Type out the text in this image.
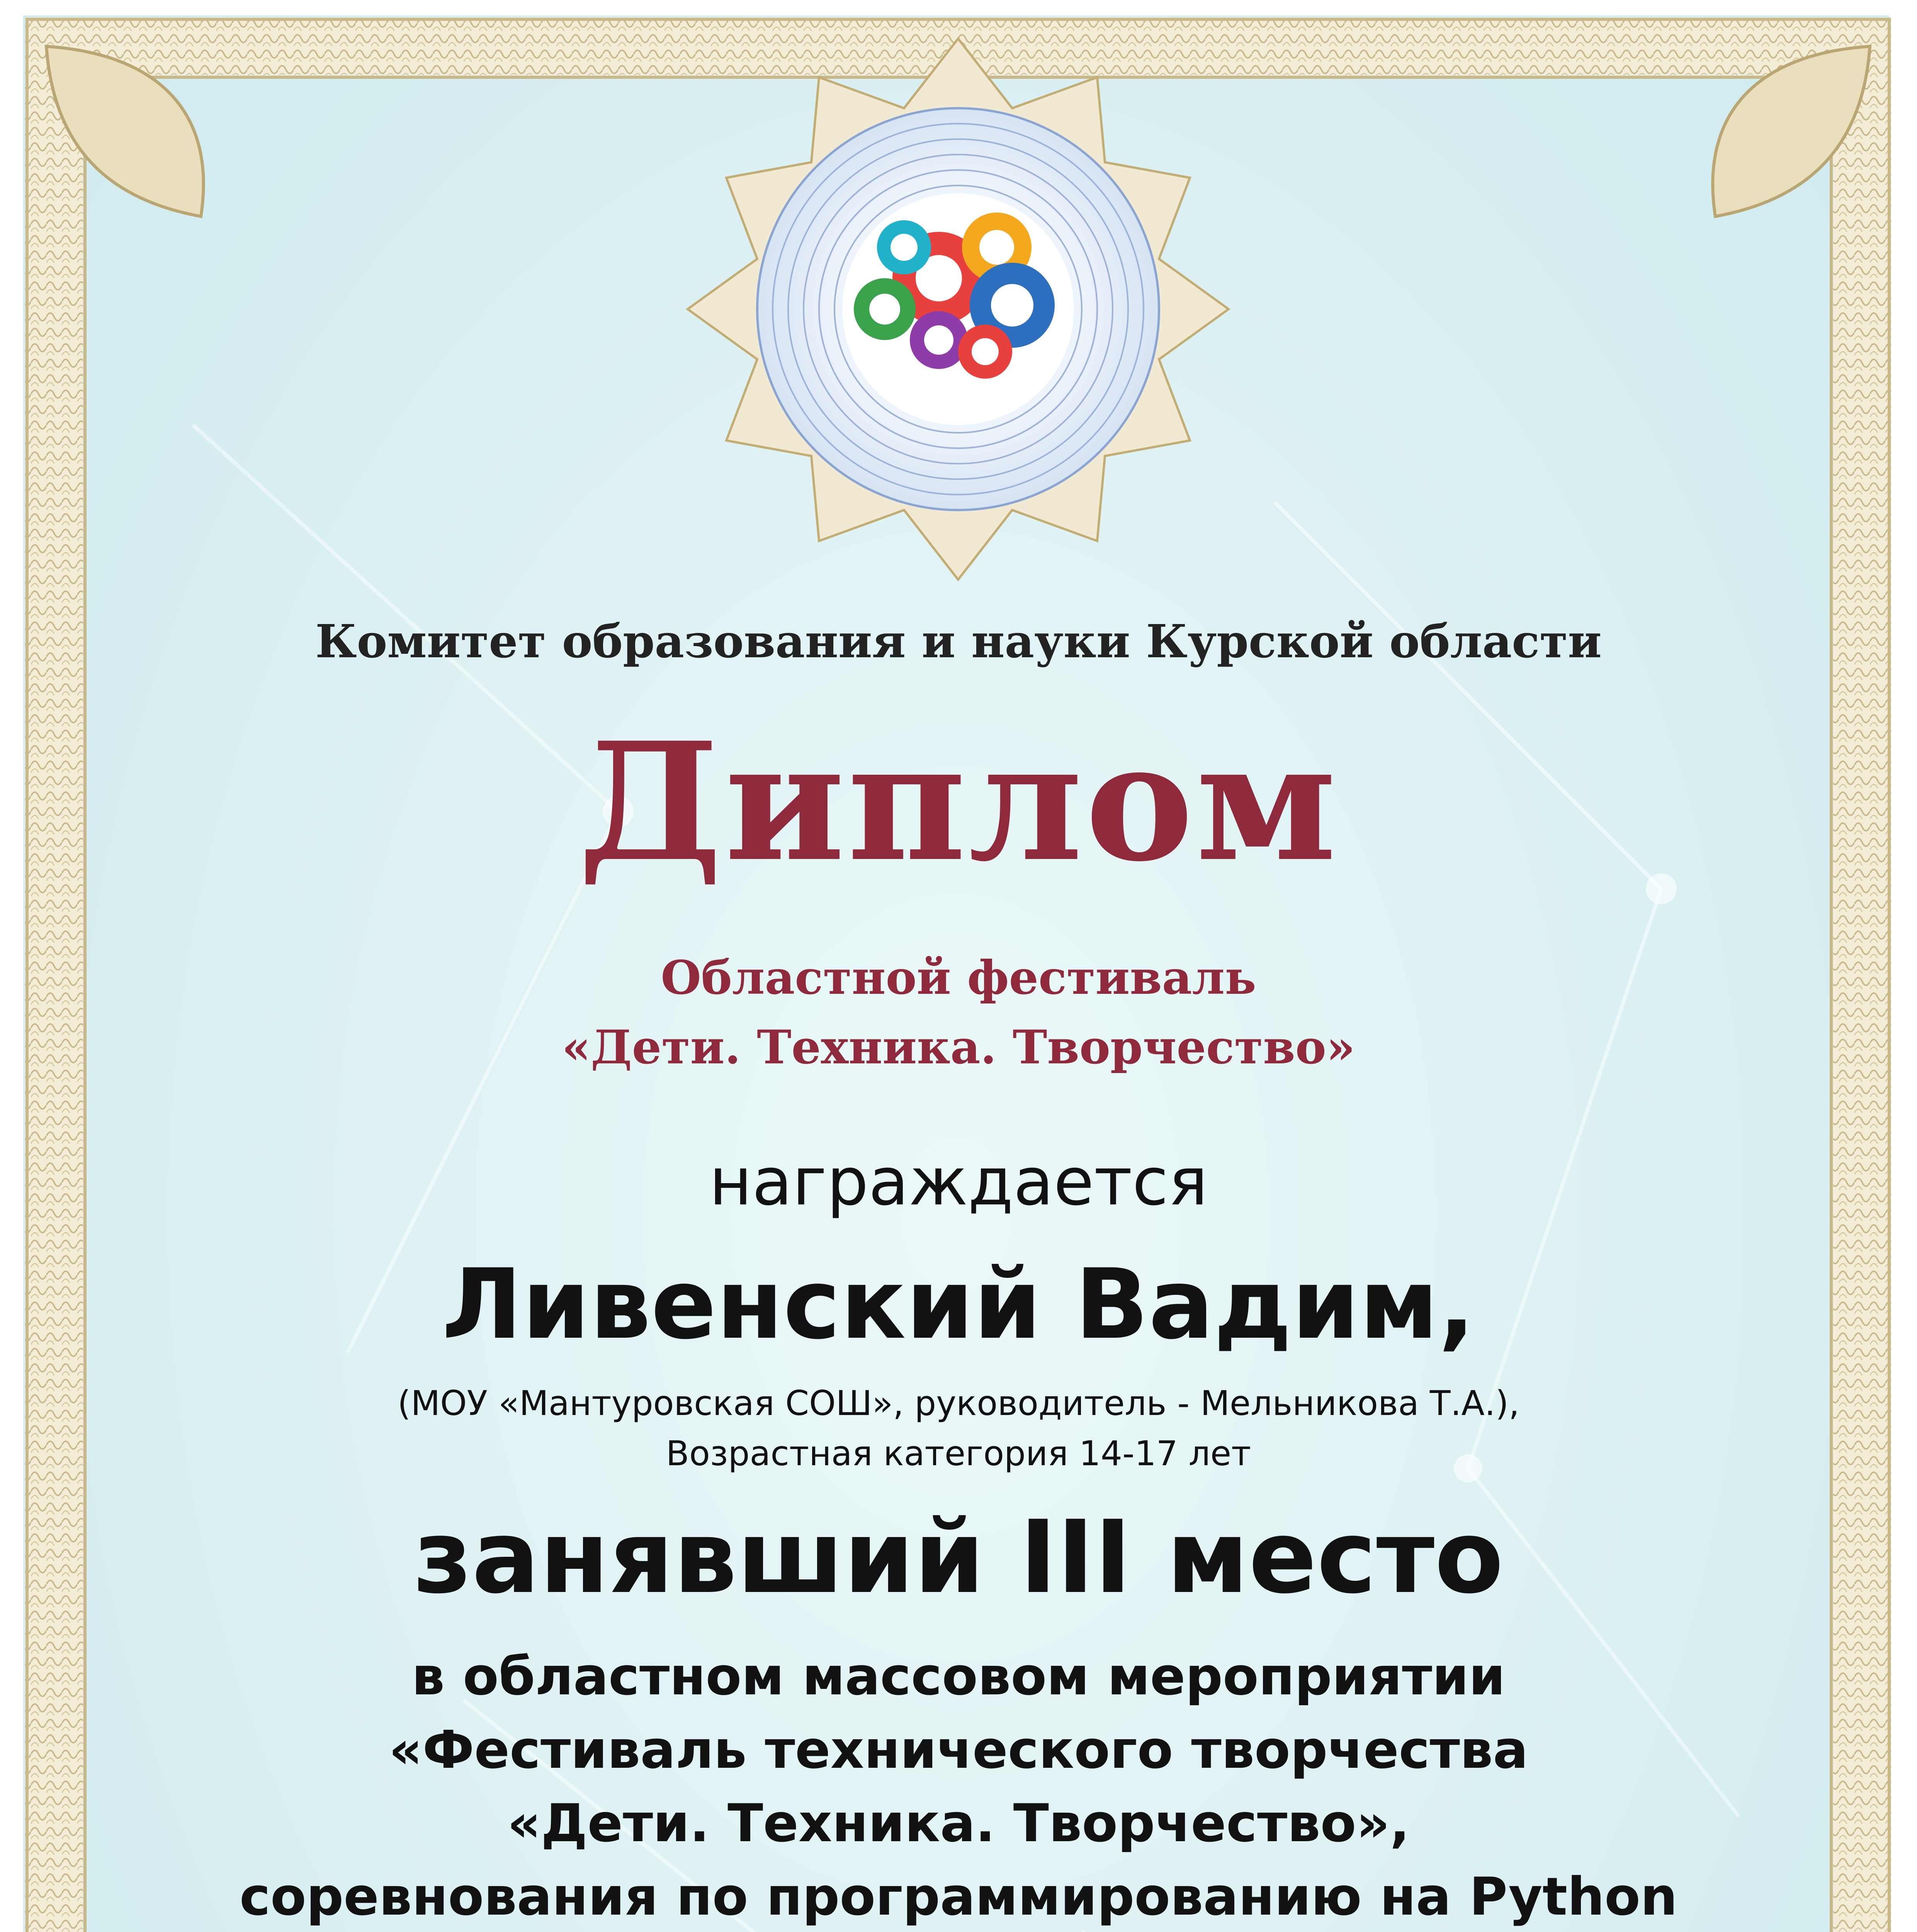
Комитет образования и науки Курской области

Диплом

Областной фестиваль

«Дети. Техника. Творчество»

награждается

Ливенский Вадим,

(МОУ «Мантуровская СОШ», руководитель - Мельникова Т.А.),

Возрастная категория 14-17 лет

занявший III место

в областном массовом мероприятии

«Фестиваль технического творчества

«Дети. Техника. Творчество»,

соревнования по программированию на Python
